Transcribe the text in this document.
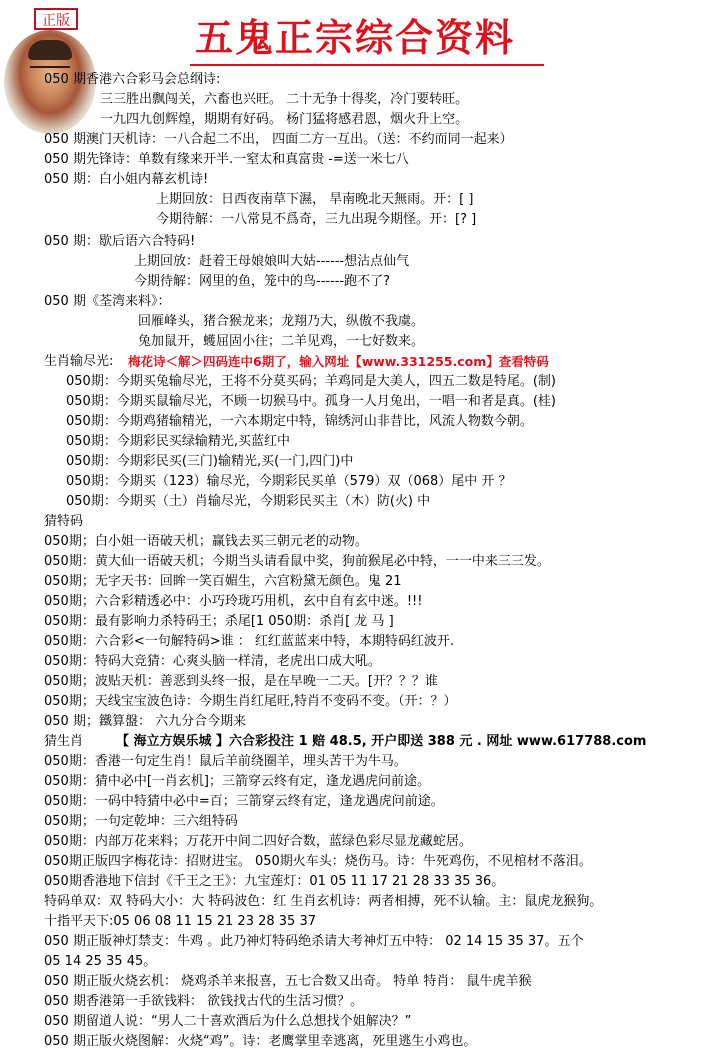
正版	五鬼正宗综合资料
梅花诗＜解＞四码连中6期了，输入网址【www.331255.com】查看特码
猜生肖	【 海立方娱乐城 】六合彩投注 1 赔 48.5, 开户即送 388 元 . 网址 www.617788.com
050 期香港六合彩马会总纲诗:
三三胜出飘闯关，六畜也兴旺。 二十无争十得奖，冷门要转旺。
一九四九创辉煌，期期有好码。 杨门猛将感君恩，烟火升上空。
050 期澳门天机诗：一八合起二不出， 四面二方一互出。（送：不约而同一起来）
050 期先锋诗：单数有缘来开半.一窒太和真富贵 -=送一米七八
050 期：白小姐内幕玄机诗!
上期回放：日西夜南草下濕， 旱南晚北天無雨。开：[ ]
今期待解：一八常見不爲奇，三九出現今期怪。开：[? ]
050 期：歇后语六合特码!
上期回放：赶着王母娘娘叫大姑------想沾点仙气
今期待解：网里的鱼，笼中的鸟------跑不了?
050 期《荃湾来料》：
回雁峰头，猪合猴龙来；龙翔乃大，纵傲不我虞。
兔加鼠开，蠖屈固小往；二羊见鸡，一七好数来。
生肖输尽光:
050期：今期买兔输尽光，王将不分莫买码；羊鸡同是大美人，四五二数是特尾。(制)
050期：今期买鼠输尽光，不顾一切猴马中。孤身一人月兔出，一唱一和者是真。(桂)
050期：今期鸡猪输精光，一六本期定中特，锦绣河山非昔比，风流人物数今朝。
050期：今期彩民买绿输精光,买蓝红中
050期：今期彩民买(三门)输精光,买(一门,四门)中
050期：今期买（123）输尽光，今期彩民买单（579）双（068）尾中 开 ？
050期：今期买（土）肖输尽光，今期彩民买主（木）防(火) 中
猜特码
050期；白小姐一语破天机；赢钱去买三朝元老的动物。
050期：黄大仙一语破天机；今期当头请看鼠中奖，狗前猴尾必中特，一一中来三三发。
050期；无字天书：回眸一笑百媚生，六宫粉黛无颜色。鬼 21
050期；六合彩精透必中：小巧玲珑巧用机，玄中自有玄中迷。!!!
050期：最有影响力杀特码王；杀尾[1 050期：杀肖[ 龙 马 ]
050期：六合彩<一句解特码>谁 ： 红红蓝蓝来中特，本期特码红波开.
050期：特码大竞猜：心爽头脑一样清，老虎出口成大吼。
050期；波贴天机：善恶到头终一报，是在早晚一二天。[开？？？谁
050期；天线宝宝波色诗：今期生肖红尾旺,特肖不变码不变。（开：？）
050 期；鐵算盤： 六九分合今期来
050期：香港一句定生肖！鼠后羊前绕圈羊，埋头苦干为牛马。
050期：猜中必中[一肖玄机]；三箭穿云终有定，逢龙遇虎问前途。
050期：一码中特猜中必中=百；三箭穿云终有定，逢龙遇虎问前途。
050期；一句定乾坤：三六组特码
050期：内部万花来料；万花开中间二四好合数，蓝绿色彩尽显龙藏蛇居。
050期正版四字梅花诗：招财进宝。 050期火车头：烧伤马。诗：牛死鸡伤，不见棺材不落泪。
050期香港地下信封《千王之王》：九宝莲灯：01 05 11 17 21 28 33 35 36。
特码单双：双 特码大小：大 特码波色：红 生肖玄机诗：两者相搏，死不认输。主：鼠虎龙猴狗。
十指平天下:05 06 08 11 15 21 23 28 35 37
050 期正版神灯禁支：牛鸡 。此乃神灯特码绝杀请大考神灯五中特： 02 14 15 35 37。五个
05 14 25 35 45。
050 期正版火烧玄机： 烧鸡杀羊来报喜，五七合数又出奇。 特单 特肖： 鼠牛虎羊猴
050 期香港第一手欲钱料： 欲钱找古代的生活习惯？。
050 期留道人说：“男人二十喜欢酒后为什么总想找个姐解决？”
050 期正版火烧图解：火烧“鸡”。诗：老鹰掌里幸逃离，死里逃生小鸡也。
